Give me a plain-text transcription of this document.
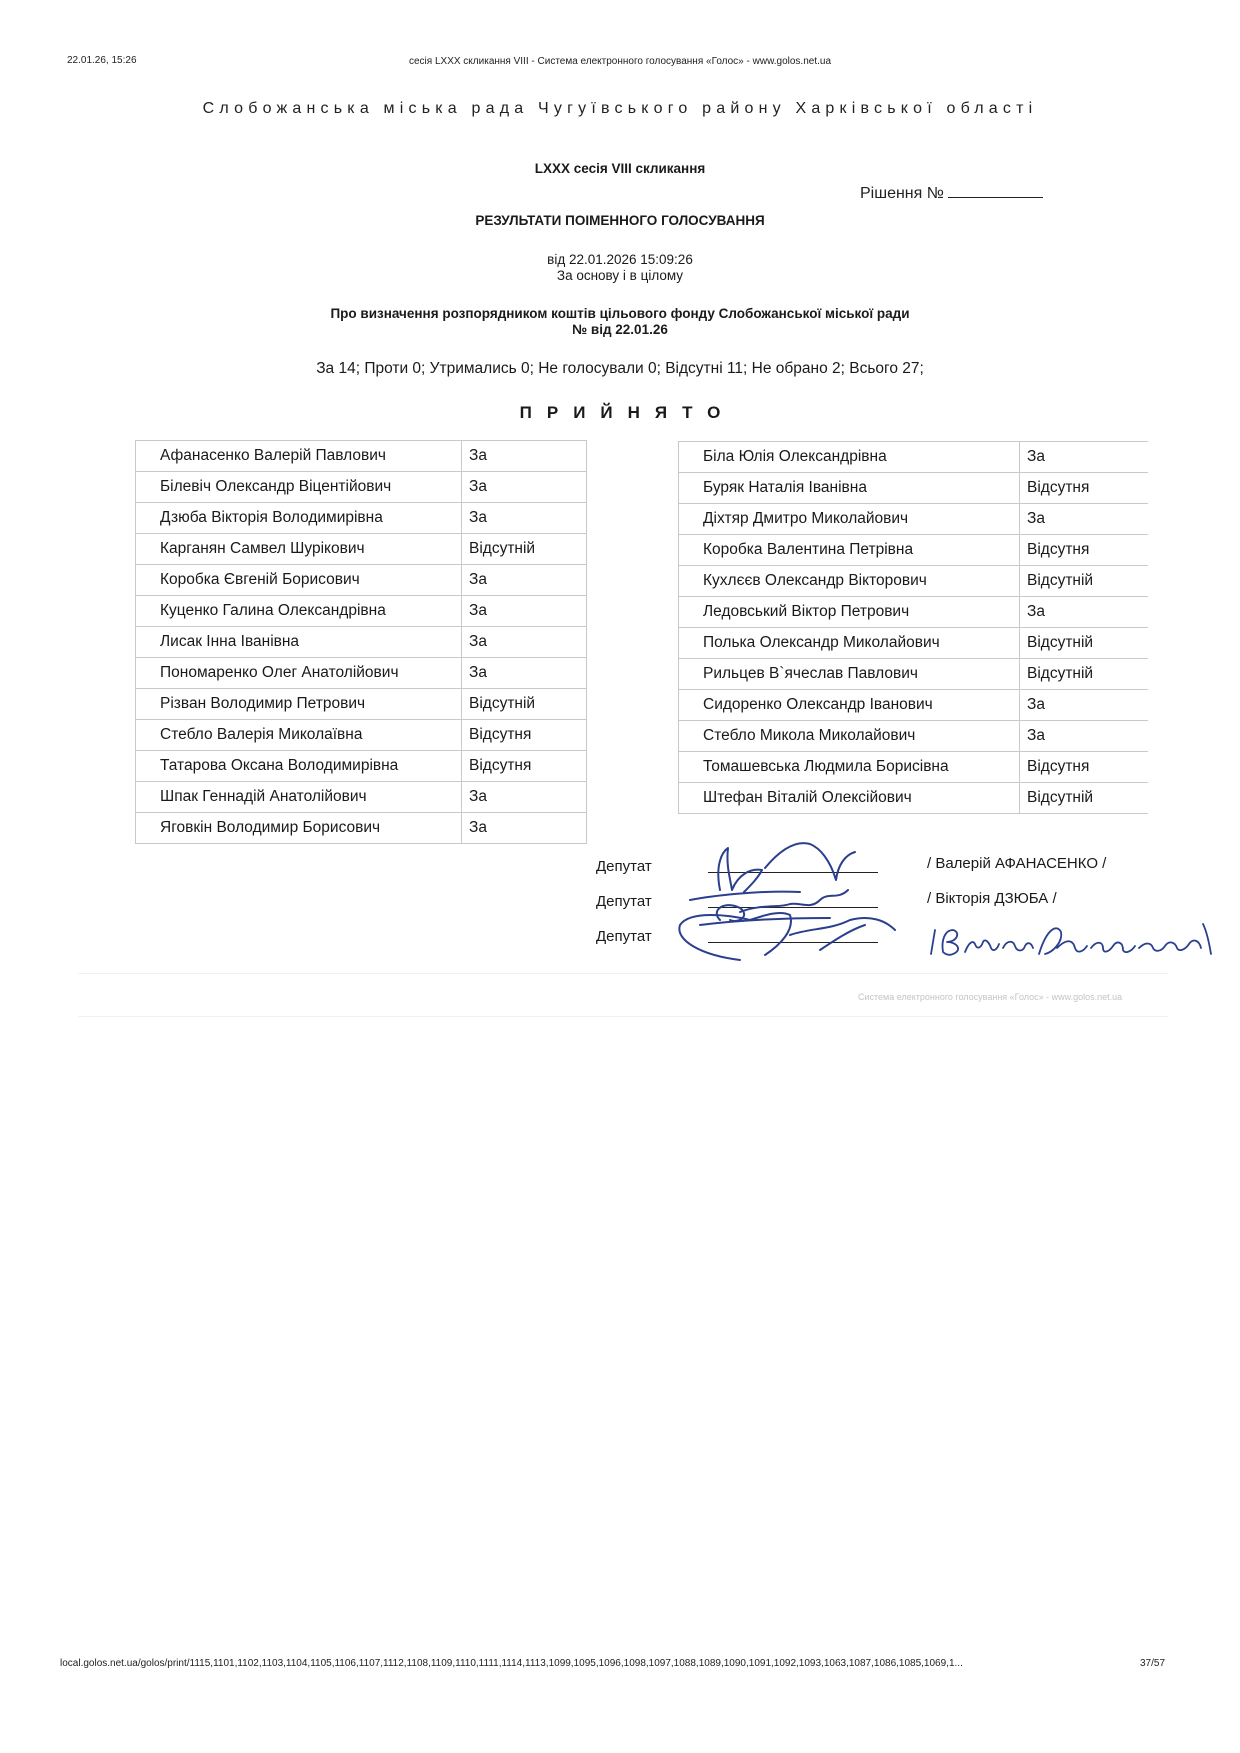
22.01.26, 15:26	сесія LXXX скликання VIII - Система електронного голосування «Голос» - www.golos.net.ua
Слобожанська міська рада Чугуївського району Харківської області
LXXX сесія VIII скликання
Рішення №
РЕЗУЛЬТАТИ ПОІМЕННОГО ГОЛОСУВАННЯ
від 22.01.2026 15:09:26
За основу і в цілому
Про визначення розпорядником коштів цільового фонду Слобожанської міської ради
№ від 22.01.26
За 14; Проти 0; Утримались 0; Не голосували 0; Відсутні 11; Не обрано 2; Всього 27;
ПРИЙНЯТО
Афанасенко Валерій Павлович	За
Білевіч Олександр Віцентійович	За
Дзюба Вікторія Володимирівна	За
Карганян Самвел Шурікович	Відсутній
Коробка Євгеній Борисович	За
Куценко Галина Олександрівна	За
Лисак Інна Іванівна	За
Пономаренко Олег Анатолійович	За
Різван Володимир Петрович	Відсутній
Стебло Валерія Миколаївна	Відсутня
Татарова Оксана Володимирівна	Відсутня
Шпак Геннадій Анатолійович	За
Яговкін Володимир Борисович	За
Біла Юлія Олександрівна	За
Буряк Наталія Іванівна	Відсутня
Діхтяр Дмитро Миколайович	За
Коробка Валентина Петрівна	Відсутня
Кухлєєв Олександр Вікторович	Відсутній
Ледовський Віктор Петрович	За
Полька Олександр Миколайович	Відсутній
Рильцев В`ячеслав Павлович	Відсутній
Сидоренко Олександр Іванович	За
Стебло Микола Миколайович	За
Томашевська Людмила Борисівна	Відсутня
Штефан Віталій Олексійович	Відсутній
Депутат
Депутат
Депутат
/ Валерій АФАНАСЕНКО /
/ Вікторія ДЗЮБА /
Система електронного голосування «Голос» - www.golos.net.ua
local.golos.net.ua/golos/print/1115,1101,1102,1103,1104,1105,1106,1107,1112,1108,1109,1110,1111,1114,1113,1099,1095,1096,1098,1097,1088,1089,1090,1091,1092,1093,1063,1087,1086,1085,1069,1...	37/57
